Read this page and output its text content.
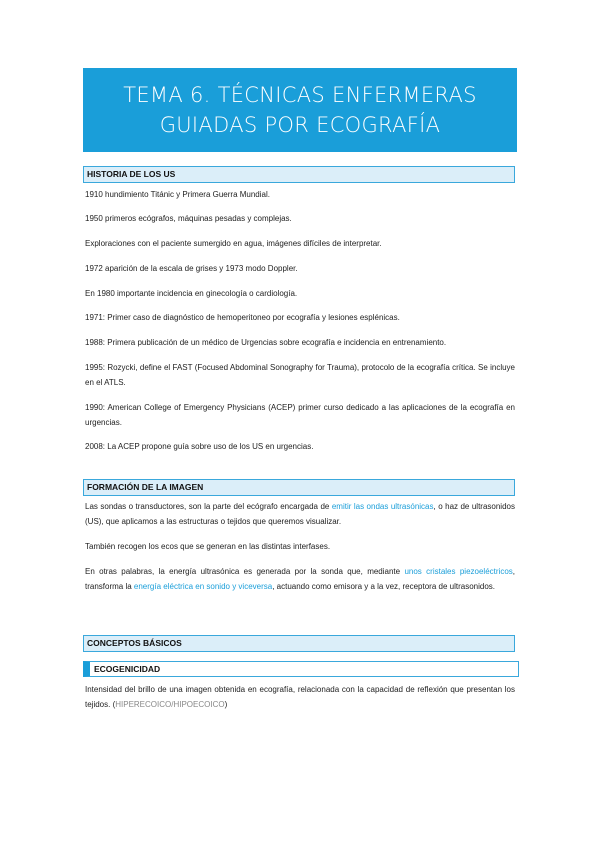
TEMA 6. TÉCNICAS ENFERMERAS
GUIADAS POR ECOGRAFÍA
HISTORIA DE LOS US

1910 hundimiento Titánic y Primera Guerra Mundial.

1950 primeros ecógrafos, máquinas pesadas y complejas.

Exploraciones con el paciente sumergido en agua, imágenes difíciles de interpretar.

1972 aparición de la escala de grises y 1973 modo Doppler.

En 1980 importante incidencia en ginecología o cardiología.

1971: Primer caso de diagnóstico de hemoperitoneo por ecografía y lesiones esplénicas.

1988: Primera publicación de un médico de Urgencias sobre ecografía e incidencia en entrenamiento.

1995: Rozycki, define el FAST (Focused Abdominal Sonography for Trauma), protocolo de la ecografía crítica. Se incluye en el ATLS.

1990: American College of Emergency Physicians (ACEP) primer curso dedicado a las aplicaciones de la ecografía en urgencias.

2008: La ACEP propone guía sobre uso de los US en urgencias.

FORMACIÓN DE LA IMAGEN

Las sondas o transductores, son la parte del ecógrafo encargada de emitir las ondas ultrasónicas, o haz de ultrasonidos (US), que aplicamos a las estructuras o tejidos que queremos visualizar.

También recogen los ecos que se generan en las distintas interfases.

En otras palabras, la energía ultrasónica es generada por la sonda que, mediante unos cristales piezoeléctricos, transforma la energía eléctrica en sonido y viceversa, actuando como emisora y a la vez, receptora de ultrasonidos.

CONCEPTOS BÁSICOS
ECOGENICIDAD

Intensidad del brillo de una imagen obtenida en ecografía, relacionada con la capacidad de reflexión que presentan los tejidos. (HIPERECOICO/HIPOECOICO)
